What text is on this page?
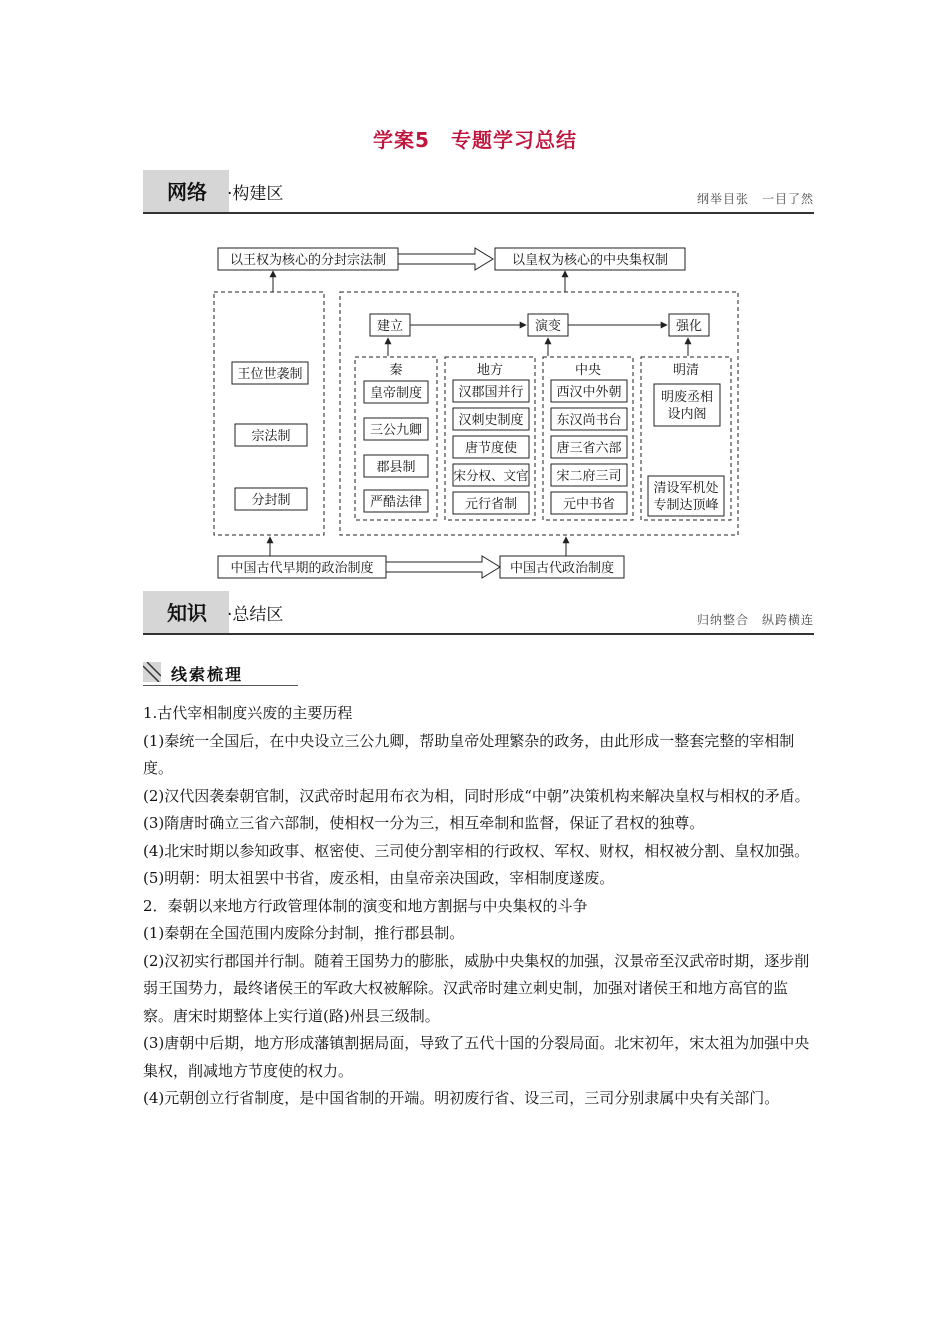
学案5　专题学习总结
网络 ·构建区	纲举目张　一目了然
以王权为核心的分封宗法制	以皇权为核心的中央集权制
建立	演变	强化
王位世袭制
宗法制
分封制
秦	地方	中央	明清
皇帝制度
三公九卿
郡县制
严酷法律
汉郡国并行
汉刺史制度
唐节度使
宋分权、文官
元行省制
西汉中外朝
东汉尚书台
唐三省六部
宋二府三司
元中书省
明废丞相设内阁
清设军机处专制达顶峰
中国古代早期的政治制度	中国古代政治制度
知识 ·总结区	归纳整合　纵跨横连
线索梳理

1.古代宰相制度兴废的主要历程

(1)秦统一全国后，在中央设立三公九卿，帮助皇帝处理繁杂的政务，由此形成一整套完整的宰相制度。

(2)汉代因袭秦朝官制，汉武帝时起用布衣为相，同时形成“中朝”决策机构来解决皇权与相权的矛盾。

(3)隋唐时确立三省六部制，使相权一分为三，相互牵制和监督，保证了君权的独尊。

(4)北宋时期以参知政事、枢密使、三司使分割宰相的行政权、军权、财权，相权被分割、皇权加强。

(5)明朝：明太祖罢中书省，废丞相，由皇帝亲决国政，宰相制度遂废。

2．秦朝以来地方行政管理体制的演变和地方割据与中央集权的斗争

(1)秦朝在全国范围内废除分封制，推行郡县制。

(2)汉初实行郡国并行制。随着王国势力的膨胀，威胁中央集权的加强，汉景帝至汉武帝时期，逐步削弱王国势力，最终诸侯王的军政大权被解除。汉武帝时建立刺史制，加强对诸侯王和地方高官的监察。唐宋时期整体上实行道(路)州县三级制。

(3)唐朝中后期，地方形成藩镇割据局面，导致了五代十国的分裂局面。北宋初年，宋太祖为加强中央集权，削减地方节度使的权力。

(4)元朝创立行省制度，是中国省制的开端。明初废行省、设三司，三司分别隶属中央有关部门。
